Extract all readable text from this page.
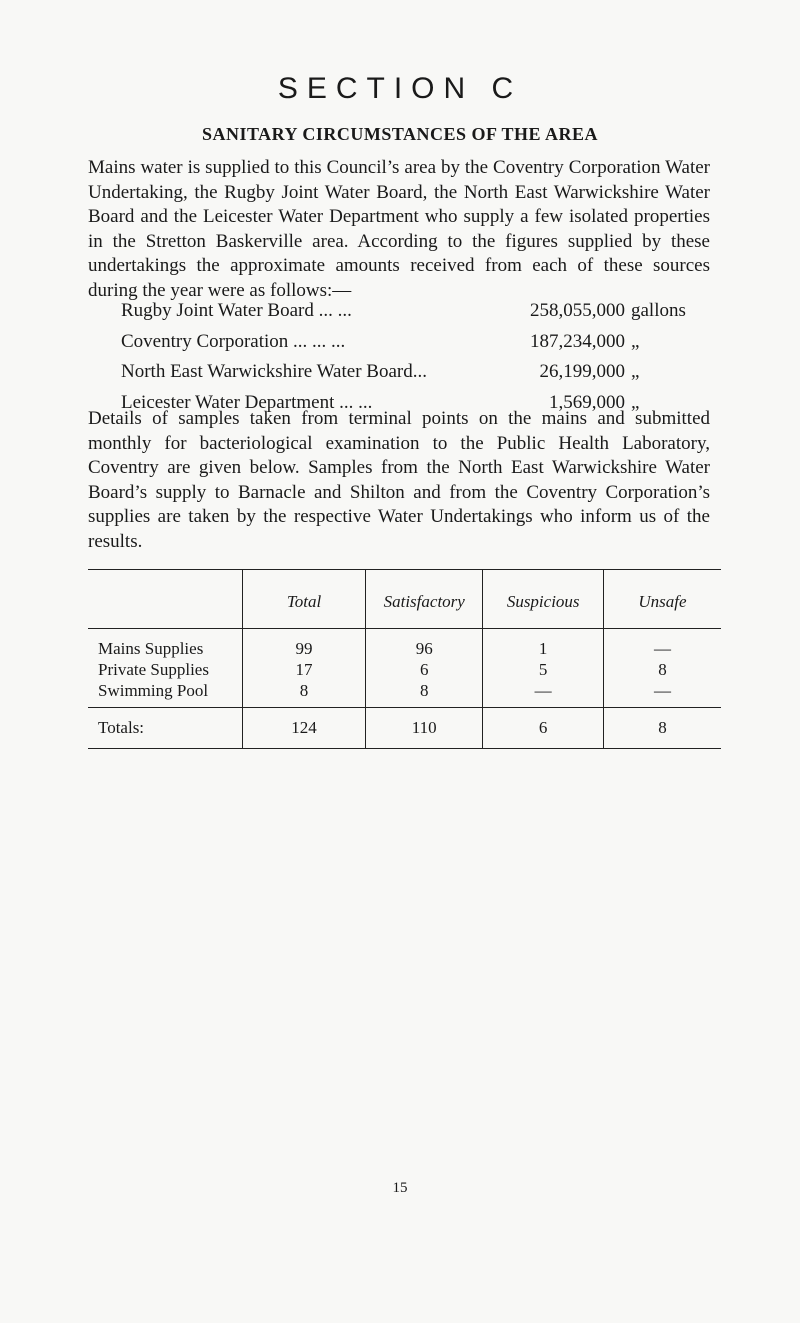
SECTION C
SANITARY CIRCUMSTANCES OF THE AREA

Mains water is supplied to this Council’s area by the Coventry Corporation Water Undertaking, the Rugby Joint Water Board, the North East Warwickshire Water Board and the Leicester Water Department who supply a few isolated properties in the Stretton Baskerville area. According to the figures supplied by these undertakings the approximate amounts received from each of these sources during the year were as follows:—

Rugby Joint Water Board ... ...	258,055,000 gallons
Coventry Corporation ... ... ...	187,234,000 „
North East Warwickshire Water Board...	26,199,000 „
Leicester Water Department ... ...	1,569,000 „

Details of samples taken from terminal points on the mains and submitted monthly for bacteriological examination to the Public Health Laboratory, Coventry are given below. Samples from the North East Warwickshire Water Board’s supply to Barnacle and Shilton and from the Coventry Corporation’s supplies are taken by the respective Water Undertakings who inform us of the results.

	Total	Satisfactory	Suspicious	Unsafe
Mains Supplies	99	96	1	—
Private Supplies	17	6	5	8
Swimming Pool	8	8	—	—
Totals:	124	110	6	8
15
